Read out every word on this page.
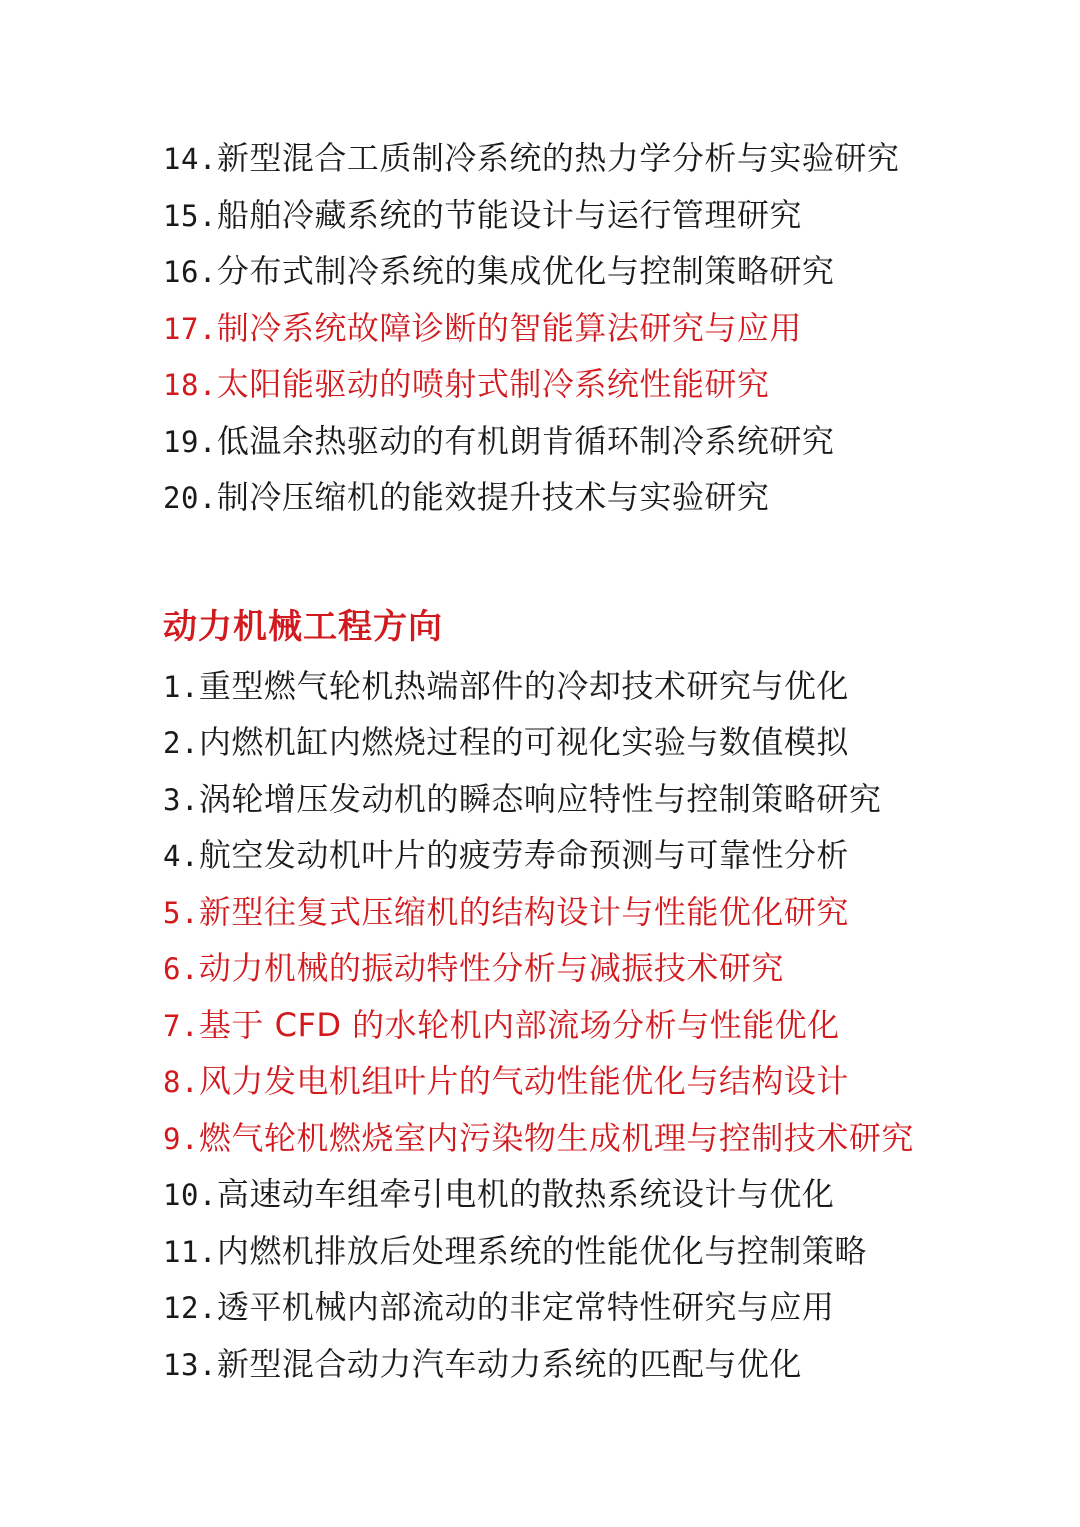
14.新型混合工质制冷系统的热力学分析与实验研究
15.船舶冷藏系统的节能设计与运行管理研究
16.分布式制冷系统的集成优化与控制策略研究
17.制冷系统故障诊断的智能算法研究与应用
18.太阳能驱动的喷射式制冷系统性能研究
19.低温余热驱动的有机朗肯循环制冷系统研究
20.制冷压缩机的能效提升技术与实验研究
动力机械工程方向
1.重型燃气轮机热端部件的冷却技术研究与优化
2.内燃机缸内燃烧过程的可视化实验与数值模拟
3.涡轮增压发动机的瞬态响应特性与控制策略研究
4.航空发动机叶片的疲劳寿命预测与可靠性分析
5.新型往复式压缩机的结构设计与性能优化研究
6.动力机械的振动特性分析与减振技术研究
7.基于 CFD 的水轮机内部流场分析与性能优化
8.风力发电机组叶片的气动性能优化与结构设计
9.燃气轮机燃烧室内污染物生成机理与控制技术研究
10.高速动车组牵引电机的散热系统设计与优化
11.内燃机排放后处理系统的性能优化与控制策略
12.透平机械内部流动的非定常特性研究与应用
13.新型混合动力汽车动力系统的匹配与优化
